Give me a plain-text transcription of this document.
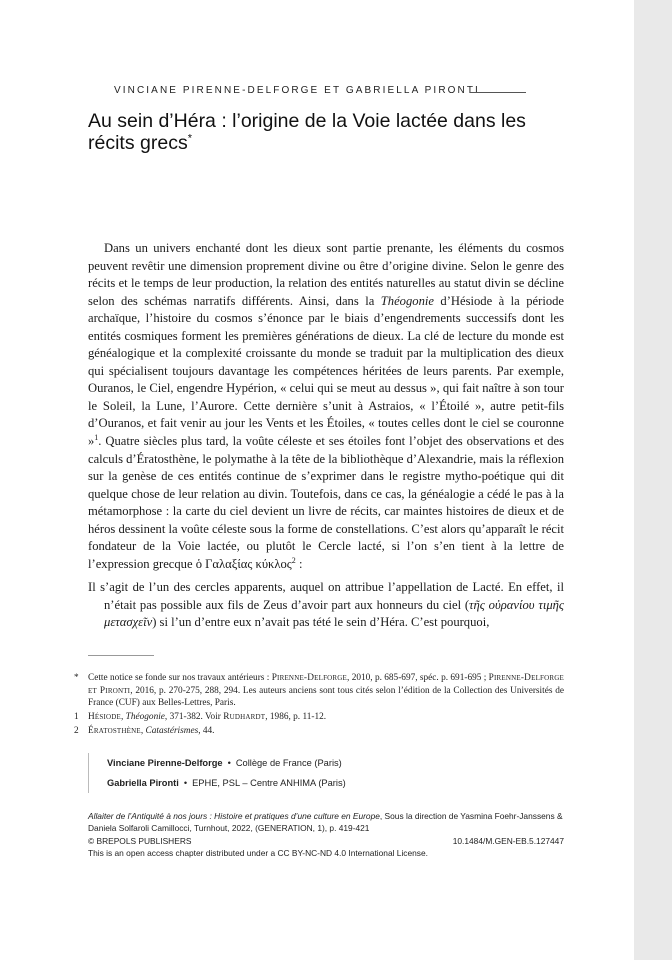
VINCIANE PIRENNE-DELFORGE ET GABRIELLA PIRONTI
Au sein d’Héra : l’origine de la Voie lactée dans les récits grecs*

Dans un univers enchanté dont les dieux sont partie prenante, les éléments du cosmos peuvent revêtir une dimension proprement divine ou être d’origine divine. Selon le genre des récits et le temps de leur production, la relation des entités naturelles au statut divin se décline selon des schémas narratifs différents. Ainsi, dans la Théogonie d’Hésiode à la période archaïque, l’histoire du cosmos s’énonce par le biais d’engendrements successifs dont les entités cosmiques forment les premières générations de dieux. La clé de lecture du monde est généalogique et la complexité croissante du monde se traduit par la multiplication des dieux qui spécialisent toujours davantage les compétences héritées de leurs parents. Par exemple, Ouranos, le Ciel, engendre Hypérion, « celui qui se meut au dessus », qui fait naître à son tour le Soleil, la Lune, l’Aurore. Cette dernière s’unit à Astraios, « l’Étoilé », autre petit-fils d’Ouranos, et fait venir au jour les Vents et les Étoiles, « toutes celles dont le ciel se couronne »$^1$. Quatre siècles plus tard, la voûte céleste et ses étoiles font l’objet des observations et des calculs d’Ératosthène, le polymathe à la tête de la bibliothèque d’Alexandrie, mais la réflexion sur la genèse de ces entités continue de s’exprimer dans le registre mytho-poétique qui dit quelque chose de leur relation au divin. Toutefois, dans ce cas, la généalogie a cédé le pas à la métamorphose : la carte du ciel devient un livre de récits, car maintes histoires de dieux et de héros dessinent la voûte céleste sous la forme de constellations. C’est alors qu’apparaît le récit fondateur de la Voie lactée, ou plutôt le Cercle lacté, si l’on s’en tient à la lettre de l’expression grecque ὁ Γαλαξίας κύκλος$^2$ :

Il s’agit de l’un des cercles apparents, auquel on attribue l’appellation de Lacté. En effet, il n’était pas possible aux fils de Zeus d’avoir part aux honneurs du ciel (τῆς οὐρανίου τιμῆς μετασχεῖν) si l’un d’entre eux n’avait pas tété le sein d’Héra. C’est pourquoi,

*	Cette notice se fonde sur nos travaux antérieurs : Pirenne-Delforge, 2010, p. 685-697, spéc. p. 691-695 ; Pirenne-Delforge et Pironti, 2016, p. 270-275, 288, 294. Les auteurs anciens sont tous cités selon l’édition de la Collection des Universités de France (CUF) aux Belles-Lettres, Paris.
1	Hésiode, Théogonie, 371-382. Voir Rudhardt, 1986, p. 11-12.
2	Ératosthène, Catastérismes, 44.
Vinciane Pirenne-Delforge • Collège de France (Paris)
Gabriella Pironti • EPHE, PSL – Centre ANHIMA (Paris)
Allaiter de l’Antiquité à nos jours : Histoire et pratiques d’une culture en Europe, Sous la direction de Yasmina Foehr-Janssens & Daniela Solfaroli Camillocci, Turnhout, 2022, (GENERATION, 1), p. 419-421
© BREPOLS PUBLISHERS	10.1484/M.GEN-EB.5.127447
This is an open access chapter distributed under a CC BY-NC-ND 4.0 International License.
